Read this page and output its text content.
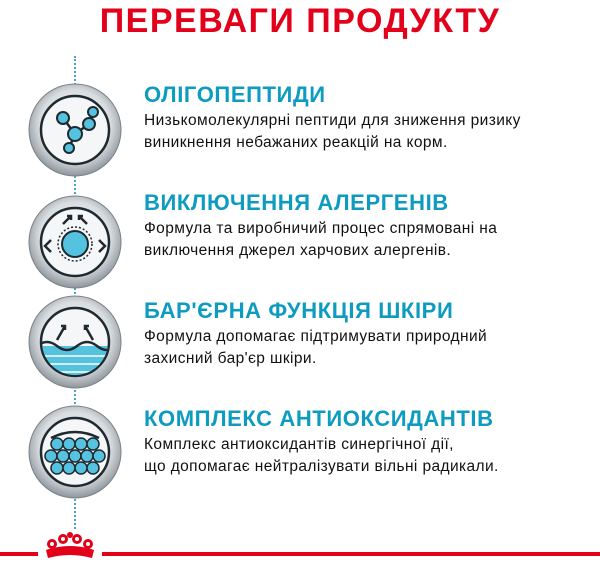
ПЕРЕВАГИ ПРОДУКТУ
ОЛІГОПЕПТИДИ
Низькомолекулярні пептиди для зниження ризику
виникнення небажаних реакцій на корм.
ВИКЛЮЧЕННЯ АЛЕРГЕНІВ
Формула та виробничий процес спрямовані на
виключення джерел харчових алергенів.
БАР'ЄРНА ФУНКЦІЯ ШКІРИ
Формула допомагає підтримувати природний
захисний бар'єр шкіри.
КОМПЛЕКС АНТИОКСИДАНТІВ
Комплекс антиоксидантів синергічної дії,
що допомагає нейтралізувати вільні радикали.
